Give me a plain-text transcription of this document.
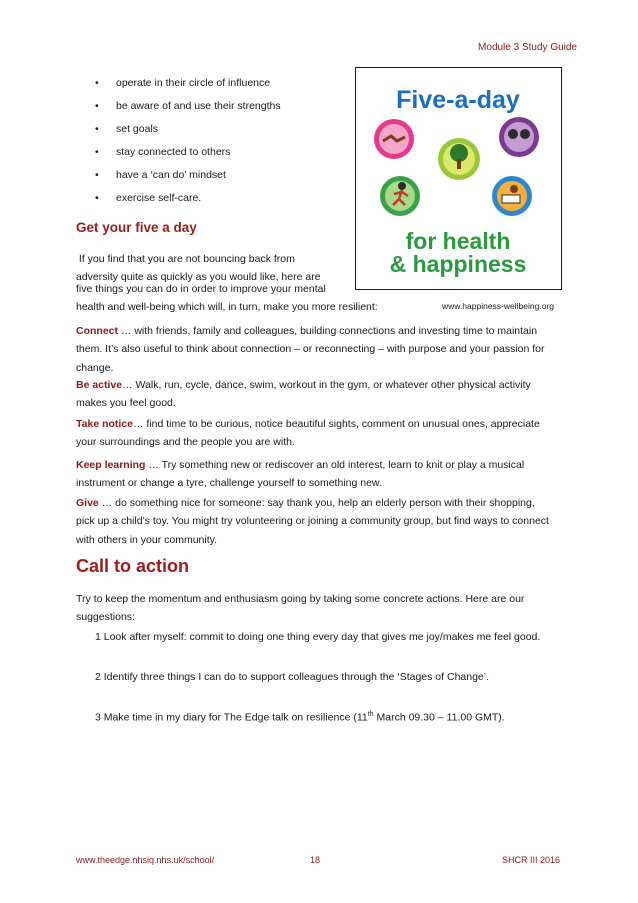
Module 3 Study Guide
• operate in their circle of influence
• be aware of and use their strengths
• set goals
• stay connected to others
• have a ‘can do’ mindset
• exercise self-care.
Five-a-day
for health
& happiness
Get your five a day
If you find that you are not bouncing back from
adversity quite as quickly as you would like, here are
five things you can do in order to improve your mental
health and well-being which will, in turn, make you more resilient:	www.happiness-wellbeing.org
Connect … with friends, family and colleagues, building connections and investing time to maintain them. It’s also useful to think about connection – or reconnecting – with purpose and your passion for change.
Be active… Walk, run, cycle, dance, swim, workout in the gym, or whatever other physical activity makes you feel good.
Take notice… find time to be curious, notice beautiful sights, comment on unusual ones, appreciate your surroundings and the people you are with.
Keep learning … Try something new or rediscover an old interest, learn to knit or play a musical instrument or change a tyre, challenge yourself to something new.
Give … do something nice for someone: say thank you, help an elderly person with their shopping, pick up a child’s toy. You might try volunteering or joining a community group, but find ways to connect with others in your community.
Call to action
Try to keep the momentum and enthusiasm going by taking some concrete actions. Here are our suggestions:
1 Look after myself: commit to doing one thing every day that gives me joy/makes me feel good.
2 Identify three things I can do to support colleagues through the ‘Stages of Change’.
3 Make time in my diary for The Edge talk on resilience (11th March 09.30 – 11.00 GMT).
www.theedge.nhsiq.nhs.uk/school/	18	SHCR III 2016
